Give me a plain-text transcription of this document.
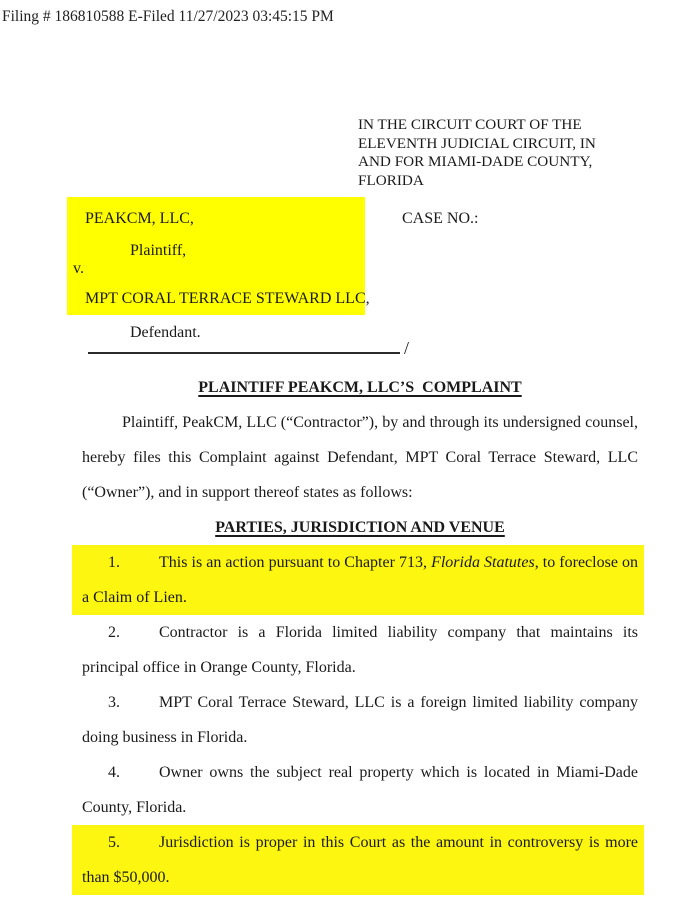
Filing # 186810588 E-Filed 11/27/2023 03:45:15 PM
IN THE CIRCUIT COURT OF THE
ELEVENTH JUDICIAL CIRCUIT, IN
AND FOR MIAMI-DADE COUNTY,
FLORIDA
PEAKCM, LLC,
Plaintiff,
v.
MPT CORAL TERRACE STEWARD LLC,
CASE NO.:
Defendant.
/
PLAINTIFF PEAKCM, LLC’S  COMPLAINT
Plaintiff, PeakCM, LLC (“Contractor”), by and through its undersigned counsel, hereby files this Complaint against Defendant, MPT Coral Terrace Steward, LLC (“Owner”), and in support thereof states as follows:
PARTIES, JURISDICTION AND VENUE
1. This is an action pursuant to Chapter 713, Florida Statutes, to foreclose on a Claim of Lien.
2. Contractor is a Florida limited liability company that maintains its principal office in Orange County, Florida.
3. MPT Coral Terrace Steward, LLC is a foreign limited liability company doing business in Florida.
4. Owner owns the subject real property which is located in Miami-Dade County, Florida.
5. Jurisdiction is proper in this Court as the amount in controversy is more than $50,000.
